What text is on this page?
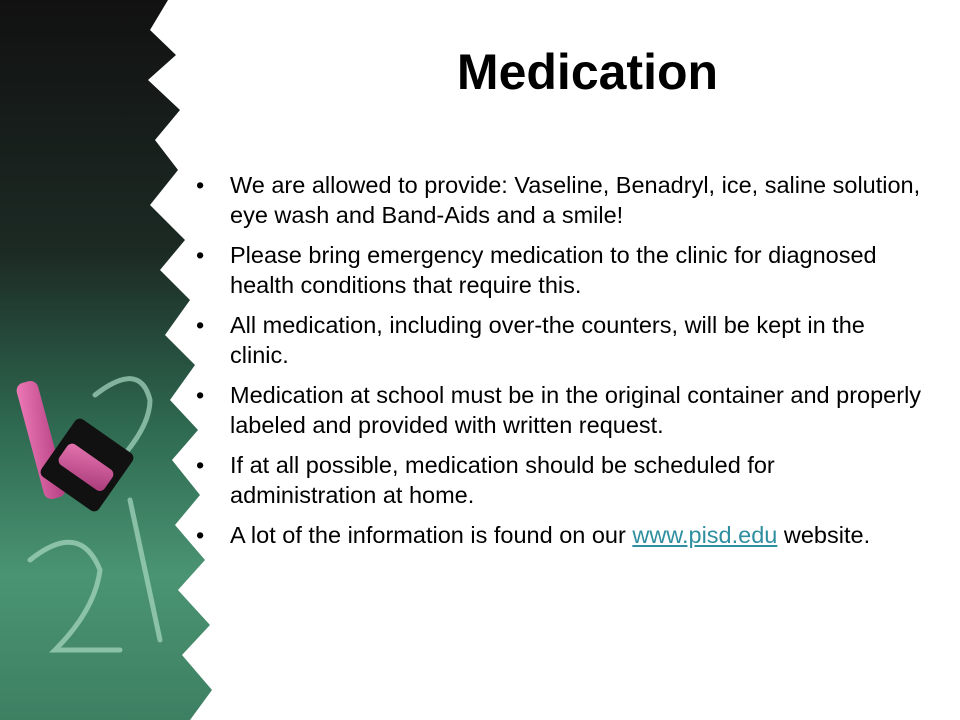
Medication
• We are allowed to provide: Vaseline, Benadryl, ice, saline solution, eye wash and Band-Aids and a smile!
• Please bring emergency medication to the clinic for diagnosed health conditions that require this.
• All medication, including over-the counters, will be kept in the clinic.
• Medication at school must be in the original container and properly labeled and provided with written request.
• If at all possible, medication should be scheduled for administration at home.
• A lot of the information is found on our www.pisd.edu website.
